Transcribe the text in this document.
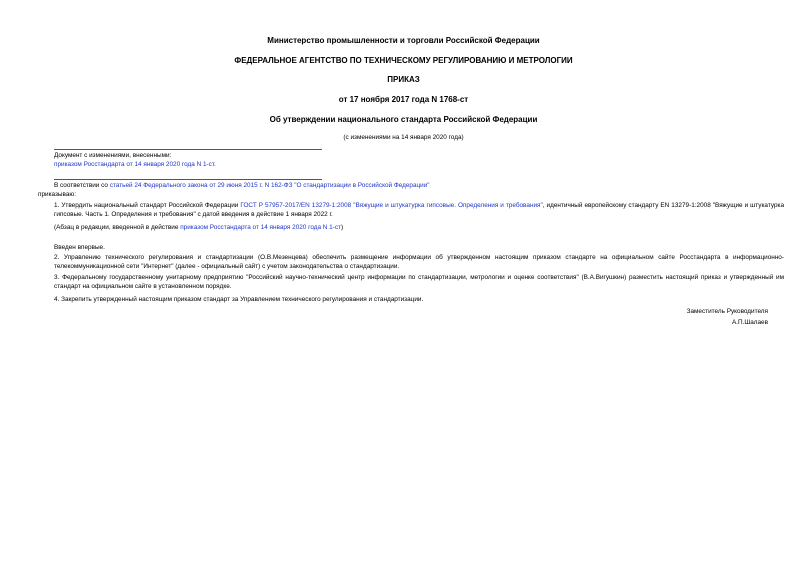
Министерство промышленности и торговли Российской Федерации
ФЕДЕРАЛЬНОЕ АГЕНТСТВО ПО ТЕХНИЧЕСКОМУ РЕГУЛИРОВАНИЮ И МЕТРОЛОГИИ
ПРИКАЗ
от 17 ноября 2017 года N 1768-ст
Об утверждении национального стандарта Российской Федерации
(с изменениями на 14 января 2020 года)
Документ с изменениями, внесенными:
приказом Росстандарта от 14 января 2020 года N 1-ст.

В соответствии со статьей 24 Федерального закона от 29 июня 2015 г. N 162-ФЗ "О стандартизации в Российской Федерации"

приказываю:

1. Утвердить национальный стандарт Российской Федерации ГОСТ Р 57957-2017/EN 13279-1:2008 "Вяжущие и штукатурка гипсовые. Определения и требования", идентичный европейскому стандарту EN 13279-1:2008 "Вяжущие и штукатурка гипсовые. Часть 1. Определения и требования" с датой введения в действие 1 января 2022 г.

(Абзац в редакции, введенной в действие приказом Росстандарта от 14 января 2020 года N 1-ст)

Введен впервые.

2. Управлению технического регулирования и стандартизации (О.В.Мезенцева) обеспечить размещение информации об утвержденном настоящим приказом стандарте на официальном сайте Росстандарта в информационно-телекоммуникационной сети "Интернет" (далее - официальный сайт) с учетом законодательства о стандартизации.

3. Федеральному государственному унитарному предприятию "Российский научно-технический центр информации по стандартизации, метрологии и оценке соответствия" (В.А.Вигушкин) разместить настоящий приказ и утвержденный им стандарт на официальном сайте в установленном порядке.

4. Закрепить утвержденный настоящим приказом стандарт за Управлением технического регулирования и стандартизации.

Заместитель Руководителя
А.П.Шалаев
